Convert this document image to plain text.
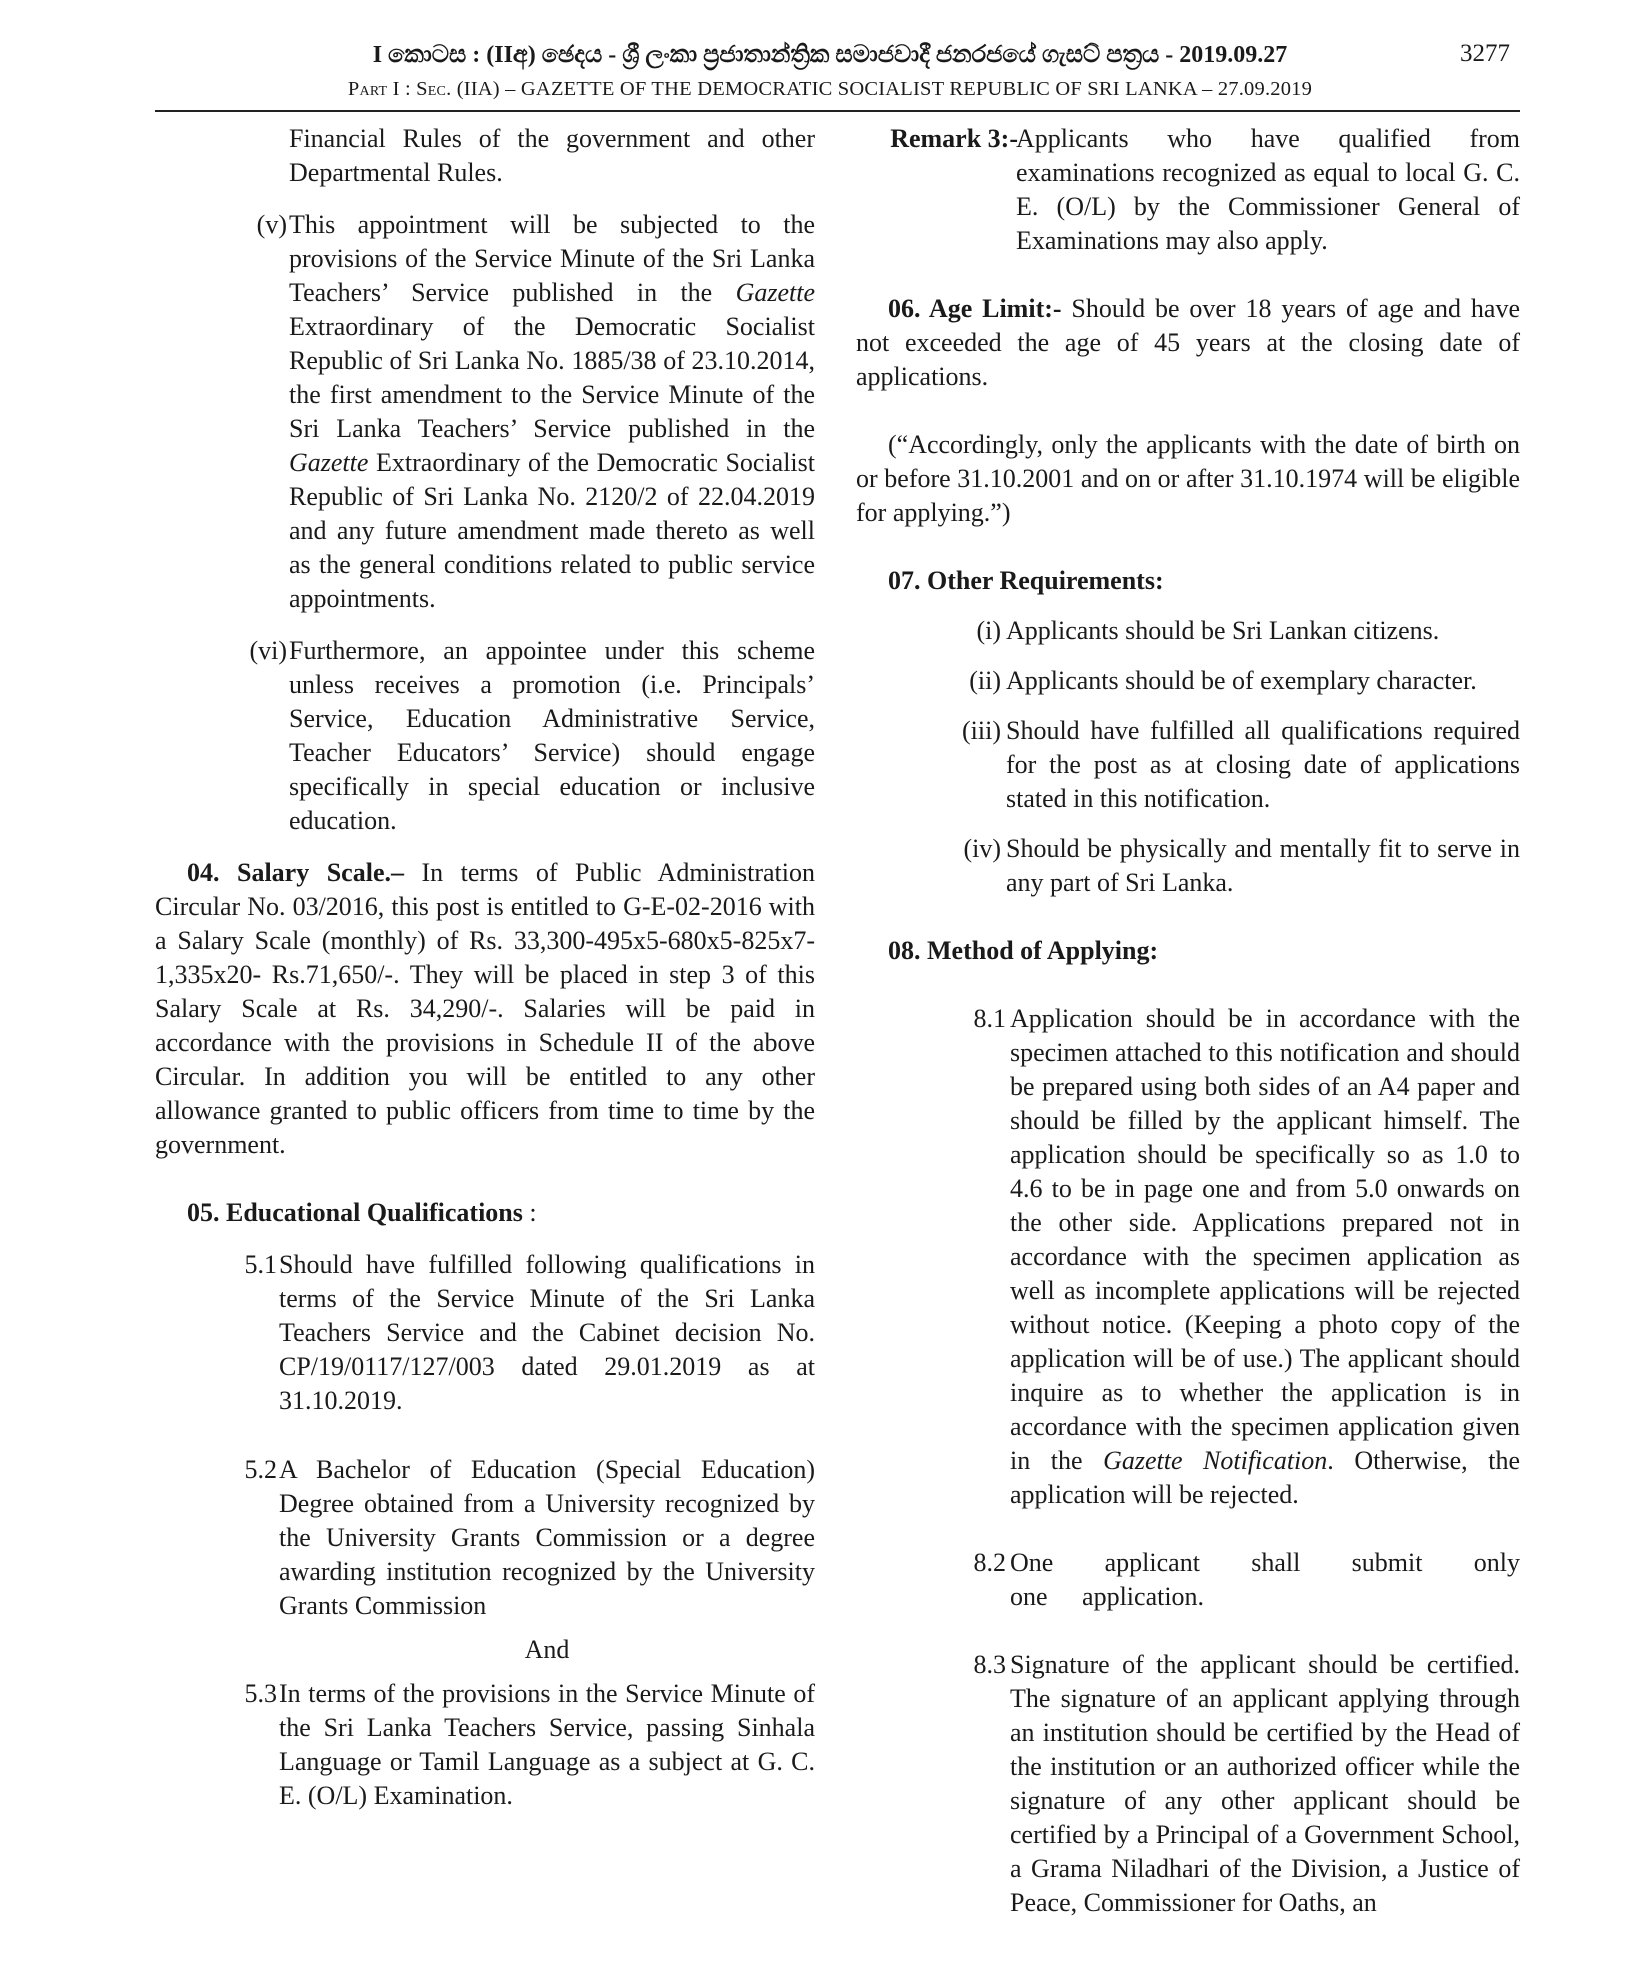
I කොටස : (IIඅ) ඡෙදය - ශ්‍රී ලංකා ප්‍රජාතාන්ත්‍රික සමාජවාදී ජනරජයේ ගැසට් පත්‍රය - 2019.09.27
Part I : Sec. (IIA) – GAZETTE OF THE DEMOCRATIC SOCIALIST REPUBLIC OF SRI LANKA – 27.09.2019
3277

Financial Rules of the government and other Departmental Rules.

(v) This appointment will be subjected to the provisions of the Service Minute of the Sri Lanka Teachers’ Service published in the Gazette Extraordinary of the Democratic Socialist Republic of Sri Lanka No. 1885/38 of 23.10.2014, the first amendment to the Service Minute of the Sri Lanka Teachers’ Service published in the Gazette Extraordinary of the Democratic Socialist Republic of Sri Lanka No. 2120/2 of 22.04.2019 and any future amendment made thereto as well as the general conditions related to public service appointments.

(vi) Furthermore, an appointee under this scheme unless receives a promotion (i.e. Principals’ Service, Education Administrative Service, Teacher Educators’ Service) should engage specifically in special education or inclusive education.

04. Salary Scale.– In terms of Public Administration Circular No. 03/2016, this post is entitled to G-E-02-2016 with a Salary Scale (monthly) of Rs. 33,300-495x5-680x5-825x7-1,335x20- Rs.71,650/-. They will be placed in step 3 of this Salary Scale at Rs. 34,290/-. Salaries will be paid in accordance with the provisions in Schedule II of the above Circular. In addition you will be entitled to any other allowance granted to public officers from time to time by the government.

05. Educational Qualifications :

5.1 Should have fulfilled following qualifications in terms of the Service Minute of the Sri Lanka Teachers Service and the Cabinet decision No. CP/19/0117/127/003 dated 29.01.2019 as at 31.10.2019.

5.2 A Bachelor of Education (Special Education) Degree obtained from a University recognized by the University Grants Commission or a degree awarding institution recognized by the University Grants Commission

And

5.3 In terms of the provisions in the Service Minute of the Sri Lanka Teachers Service, passing Sinhala Language or Tamil Language as a subject at G. C. E. (O/L) Examination.

Remark 3:-

Applicants who have qualified from examinations recognized as equal to local G. C. E. (O/L) by the Commissioner General of Examinations may also apply.

06. Age Limit:- Should be over 18 years of age and have not exceeded the age of 45 years at the closing date of applications.

(“Accordingly, only the applicants with the date of birth on or before 31.10.2001 and on or after 31.10.1974 will be eligible for applying.”)

07. Other Requirements:

(i) Applicants should be Sri Lankan citizens.

(ii) Applicants should be of exemplary character.

(iii) Should have fulfilled all qualifications required for the post as at closing date of applications stated in this notification.

(iv) Should be physically and mentally fit to serve in any part of Sri Lanka.

08. Method of Applying:

8.1 Application should be in accordance with the specimen attached to this notification and should be prepared using both sides of an A4 paper and should be filled by the applicant himself. The application should be specifically so as 1.0 to 4.6 to be in page one and from 5.0 onwards on the other side. Applications prepared not in accordance with the specimen application as well as incomplete applications will be rejected without notice. (Keeping a photo copy of the application will be of use.) The applicant should inquire as to whether the application is in accordance with the specimen application given in the Gazette Notification. Otherwise, the application will be rejected.

8.2 One applicant shall submit only one application.

8.3 Signature of the applicant should be certified. The signature of an applicant applying through an institution should be certified by the Head of the institution or an authorized officer while the signature of any other applicant should be certified by a Principal of a Government School, a Grama Niladhari of the Division, a Justice of Peace, Commissioner for Oaths, an
